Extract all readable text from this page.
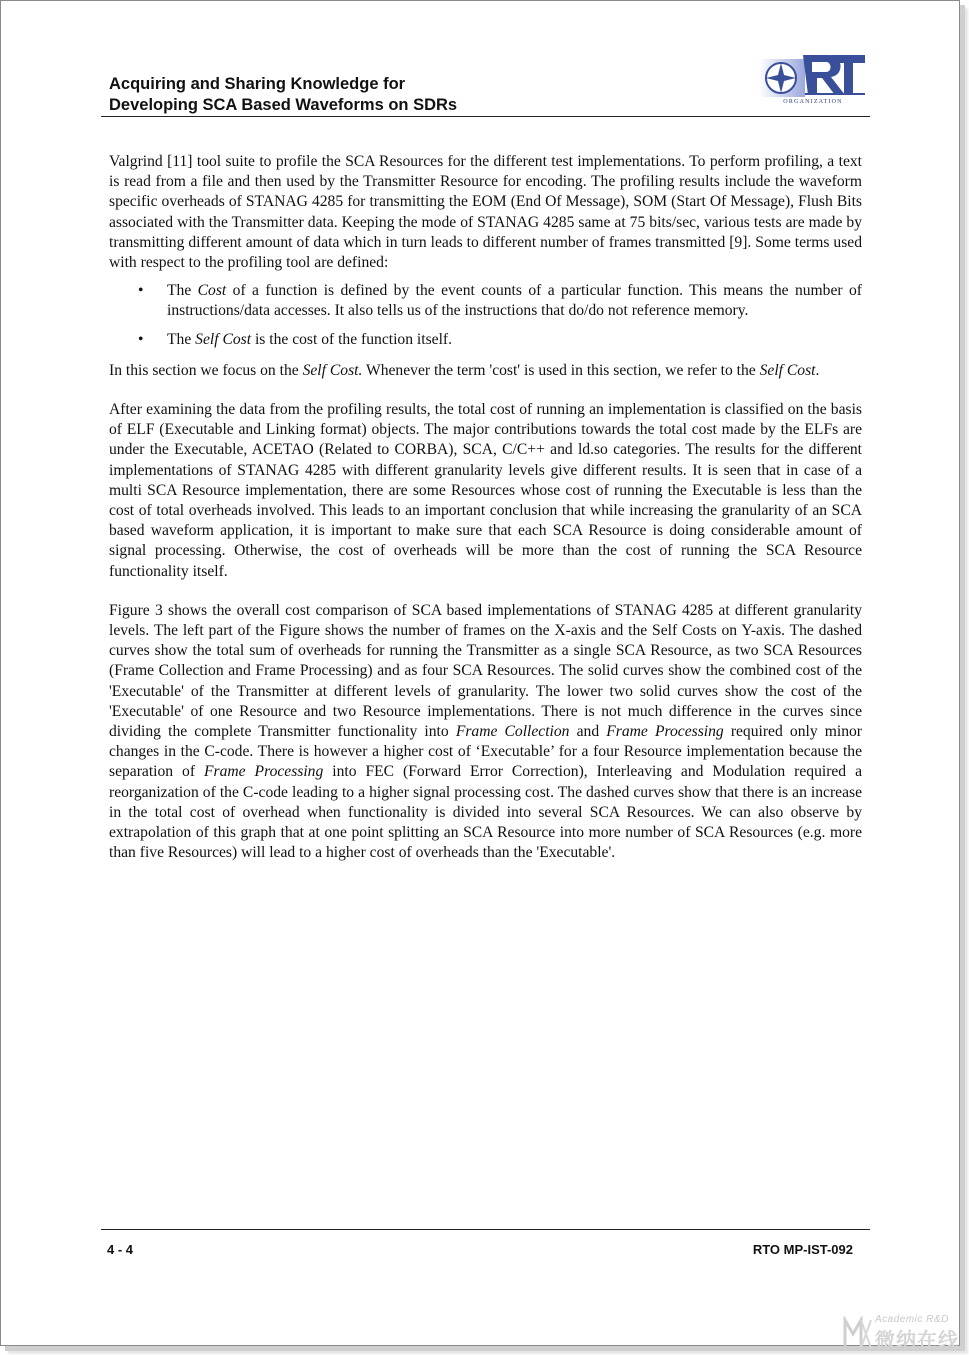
Acquiring and Sharing Knowledge for
Developing SCA Based Waveforms on SDRs	ORGANIZATION

Valgrind [11] tool suite to profile the SCA Resources for the different test implementations. To perform profiling, a text is read from a file and then used by the Transmitter Resource for encoding. The profiling results include the waveform specific overheads of STANAG 4285 for transmitting the EOM (End Of Message), SOM (Start Of Message), Flush Bits associated with the Transmitter data. Keeping the mode of STANAG 4285 same at 75 bits/sec, various tests are made by transmitting different amount of data which in turn leads to different number of frames transmitted [9]. Some terms used with respect to the profiling tool are defined:

• The Cost of a function is defined by the event counts of a particular function. This means the number of instructions/data accesses. It also tells us of the instructions that do/do not reference memory.
• The Self Cost is the cost of the function itself.

In this section we focus on the Self Cost. Whenever the term 'cost' is used in this section, we refer to the Self Cost.

After examining the data from the profiling results, the total cost of running an implementation is classified on the basis of ELF (Executable and Linking format) objects. The major contributions towards the total cost made by the ELFs are under the Executable, ACETAO (Related to CORBA), SCA, C/C++ and ld.so categories. The results for the different implementations of STANAG 4285 with different granularity levels give different results. It is seen that in case of a multi SCA Resource implementation, there are some Resources whose cost of running the Executable is less than the cost of total overheads involved. This leads to an important conclusion that while increasing the granularity of an SCA based waveform application, it is important to make sure that each SCA Resource is doing considerable amount of signal processing. Otherwise, the cost of overheads will be more than the cost of running the SCA Resource functionality itself.

Figure 3 shows the overall cost comparison of SCA based implementations of STANAG 4285 at different granularity levels. The left part of the Figure shows the number of frames on the X-axis and the Self Costs on Y-axis. The dashed curves show the total sum of overheads for running the Transmitter as a single SCA Resource, as two SCA Resources (Frame Collection and Frame Processing) and as four SCA Resources. The solid curves show the combined cost of the 'Executable' of the Transmitter at different levels of granularity. The lower two solid curves show the cost of the 'Executable' of one Resource and two Resource implementations. There is not much difference in the curves since dividing the complete Transmitter functionality into Frame Collection and Frame Processing required only minor changes in the C-code. There is however a higher cost of ‘Executable’ for a four Resource implementation because the separation of Frame Processing into FEC (Forward Error Correction), Interleaving and Modulation required a reorganization of the C-code leading to a higher signal processing cost. The dashed curves show that there is an increase in the total cost of overhead when functionality is divided into several SCA Resources. We can also observe by extrapolation of this graph that at one point splitting an SCA Resource into more number of SCA Resources (e.g. more than five Resources) will lead to a higher cost of overheads than the 'Executable'.

4 - 4	RTO MP-IST-092
Academic R&D
微纳在线
